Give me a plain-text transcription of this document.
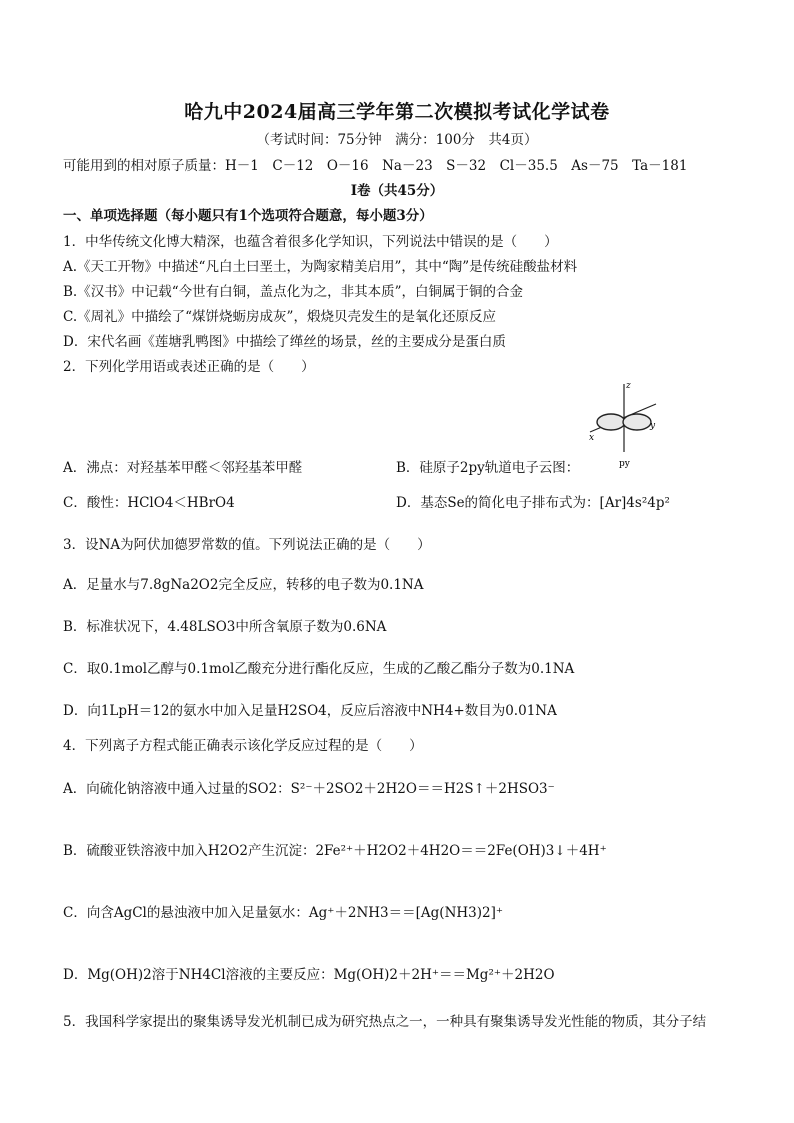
哈九中2024届高三学年第二次模拟考试化学试卷
（考试时间：75分钟　满分：100分　共4页）
可能用到的相对原子质量：H－1　C－12　O－16　Na－23　S－32　Cl－35.5　As－75　Ta－181
Ⅰ卷（共45分）
一、单项选择题（每小题只有1个选项符合题意，每小题3分）
1．中华传统文化博大精深，也蕴含着很多化学知识，下列说法中错误的是（　　）
A.《天工开物》中描述“凡白土曰垩土，为陶家精美启用”，其中“陶”是传统硅酸盐材料
B.《汉书》中记载“今世有白铜，盖点化为之，非其本质”，白铜属于铜的合金
C.《周礼》中描绘了“煤饼烧蛎房成灰”，煅烧贝壳发生的是氧化还原反应
D．宋代名画《莲塘乳鸭图》中描绘了缂丝的场景，丝的主要成分是蛋白质
2．下列化学用语或表述正确的是（　　）
z
x
y
py
A．沸点：对羟基苯甲醛＜邻羟基苯甲醛	B．硅原子2py轨道电子云图：
C．酸性：HClO4＜HBrO4	D．基态Se的简化电子排布式为：[Ar]4s²4p²
3．设NA为阿伏加德罗常数的值。下列说法正确的是（　　）
A．足量水与7.8gNa2O2完全反应，转移的电子数为0.1NA
B．标准状况下，4.48LSO3中所含氧原子数为0.6NA
C．取0.1mol乙醇与0.1mol乙酸充分进行酯化反应，生成的乙酸乙酯分子数为0.1NA
D．向1LpH＝12的氨水中加入足量H2SO4，反应后溶液中NH4+数目为0.01NA
4．下列离子方程式能正确表示该化学反应过程的是（　　）
A．向硫化钠溶液中通入过量的SO2：S²⁻＋2SO2＋2H2O＝＝H2S↑＋2HSO3⁻
B．硫酸亚铁溶液中加入H2O2产生沉淀：2Fe²⁺＋H2O2＋4H2O＝＝2Fe(OH)3↓＋4H⁺
C．向含AgCl的悬浊液中加入足量氨水：Ag⁺＋2NH3＝＝[Ag(NH3)2]⁺
D．Mg(OH)2溶于NH4Cl溶液的主要反应：Mg(OH)2＋2H⁺＝＝Mg²⁺＋2H2O
5．我国科学家提出的聚集诱导发光机制已成为研究热点之一，一种具有聚集诱导发光性能的物质，其分子结
